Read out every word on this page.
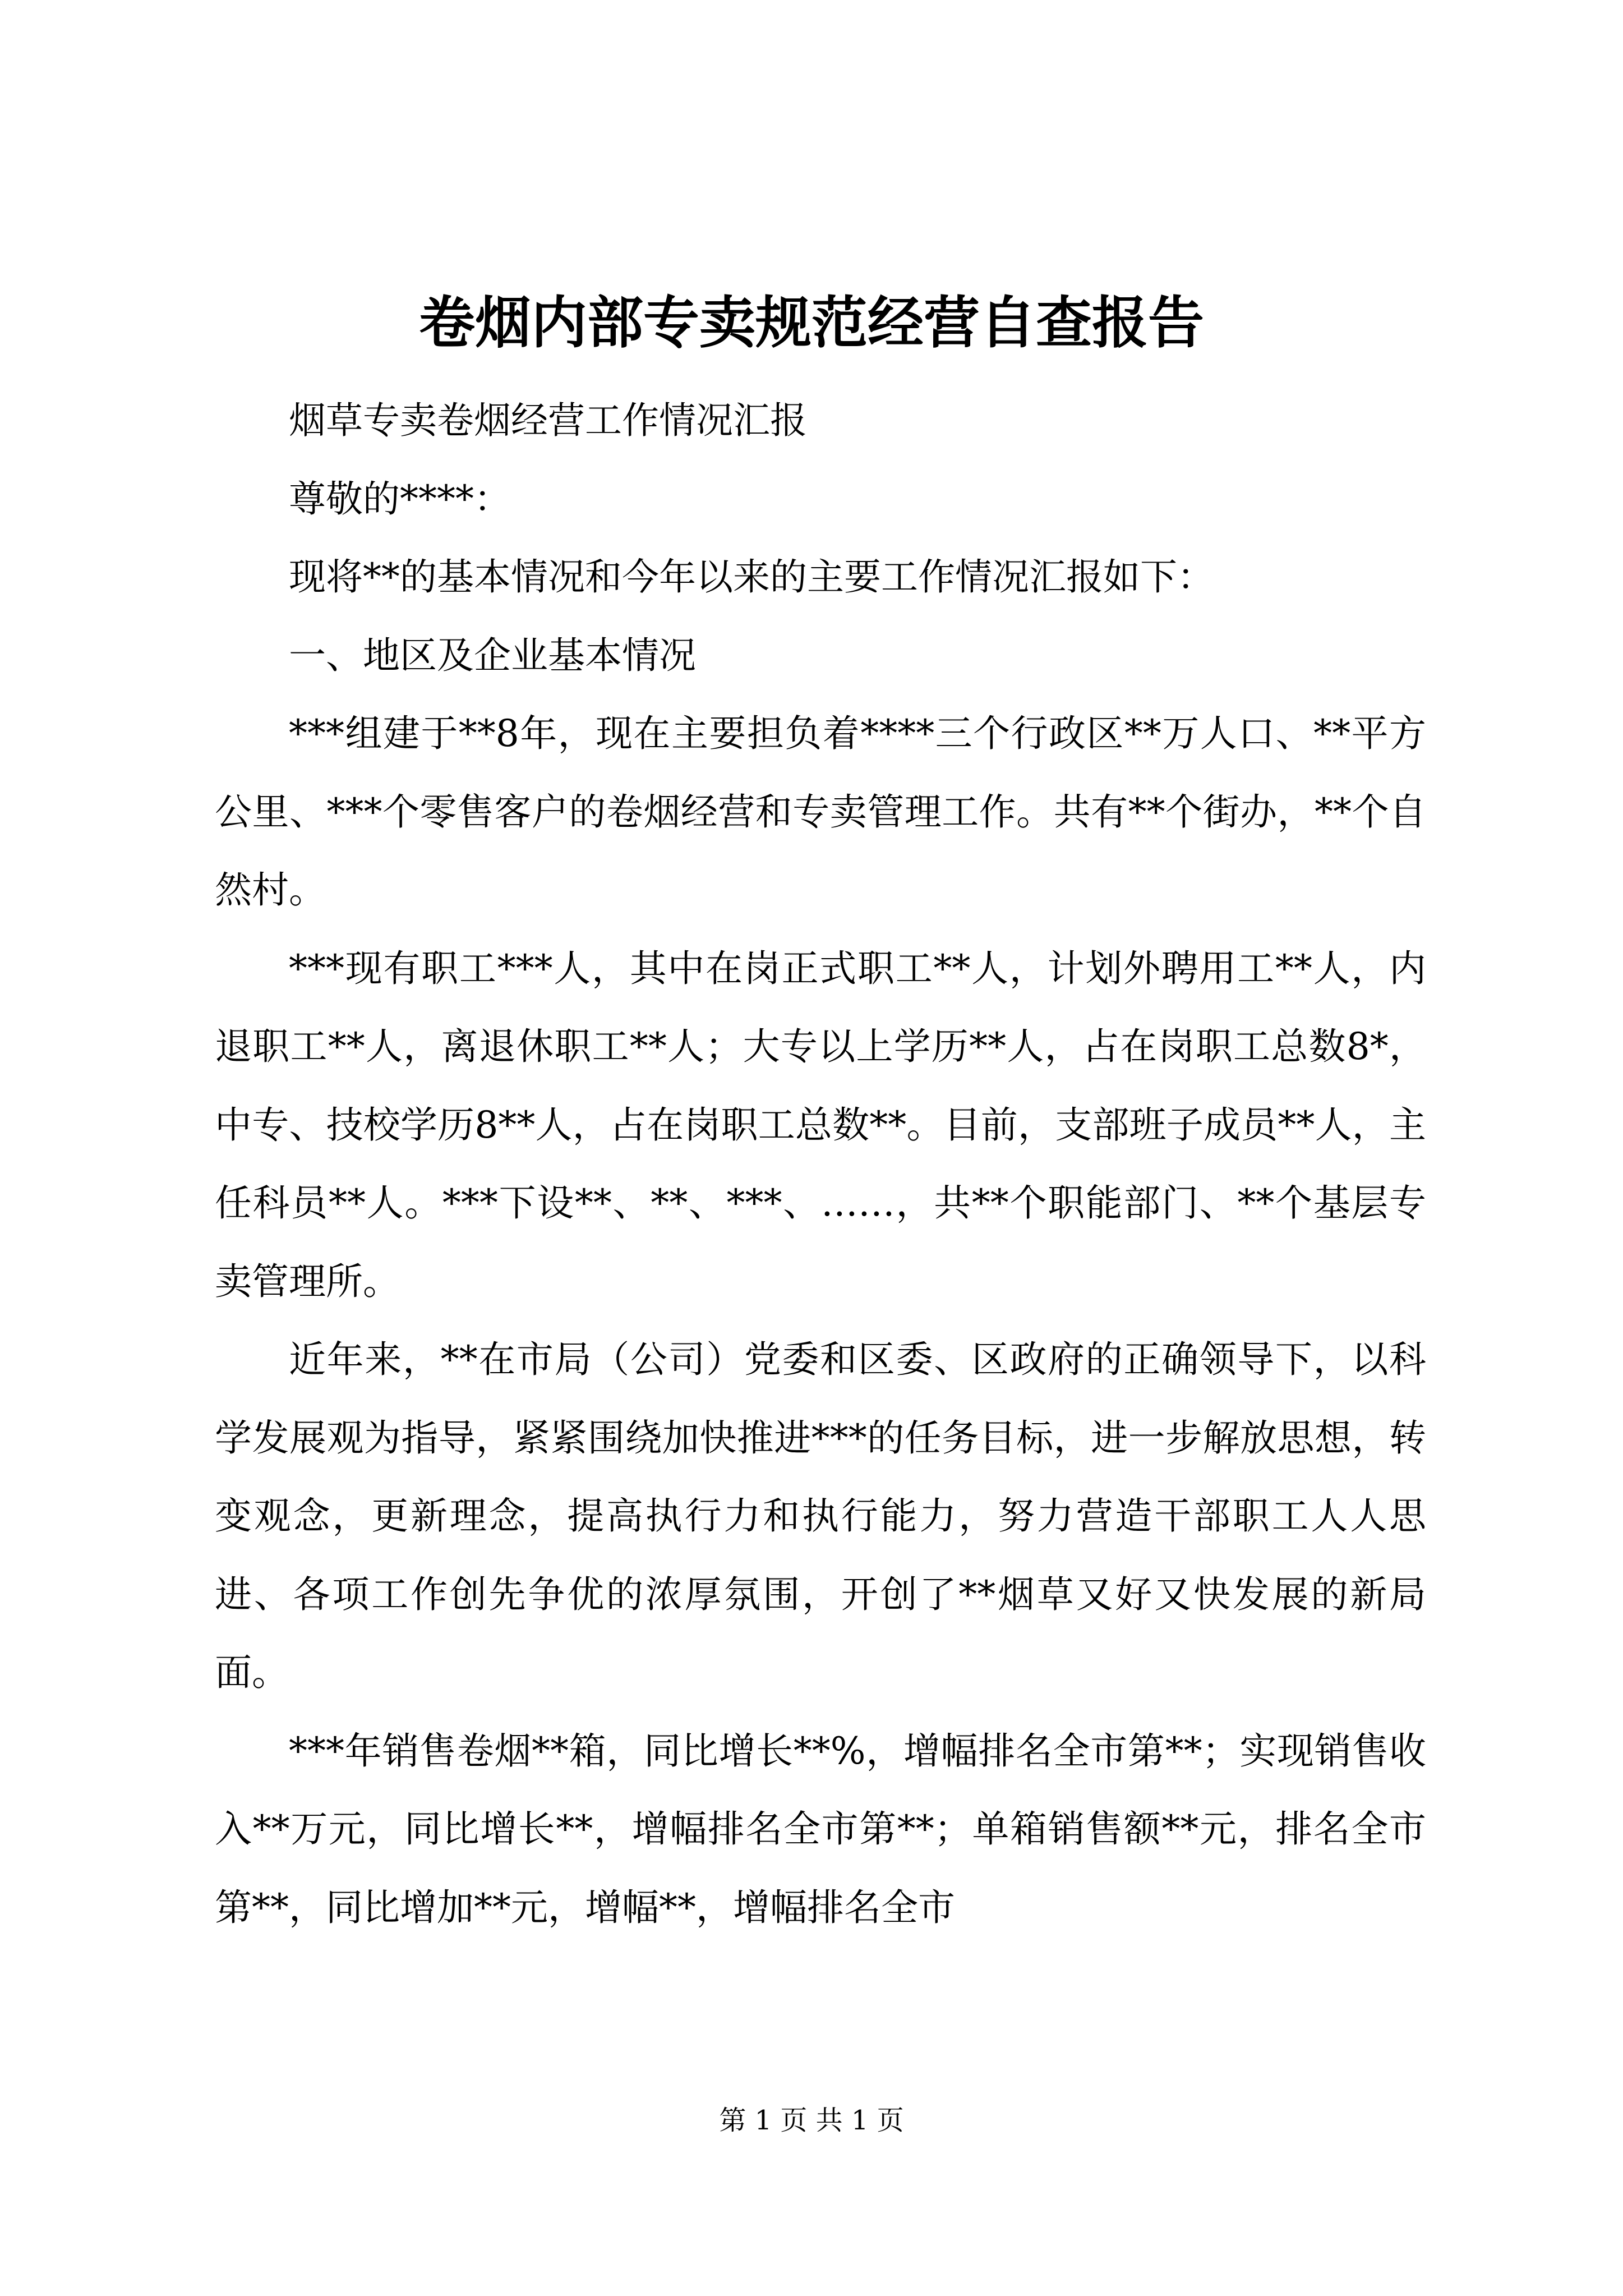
卷烟内部专卖规范经营自查报告

烟草专卖卷烟经营工作情况汇报

尊敬的****：

现将**的基本情况和今年以来的主要工作情况汇报如下：

一、地区及企业基本情况

***组建于**8年，现在主要担负着****三个行政区**万人口、**平方公里、***个零售客户的卷烟经营和专卖管理工作。共有**个街办，**个自然村。

***现有职工***人，其中在岗正式职工**人，计划外聘用工**人，内退职工**人，离退休职工**人；大专以上学历**人，占在岗职工总数8*，中专、技校学历8**人，占在岗职工总数**。目前，支部班子成员**人，主任科员**人。***下设**、**、***、……，共**个职能部门、**个基层专卖管理所。

近年来，**在市局（公司）党委和区委、区政府的正确领导下，以科学发展观为指导，紧紧围绕加快推进***的任务目标，进一步解放思想，转变观念，更新理念，提高执行力和执行能力，努力营造干部职工人人思进、各项工作创先争优的浓厚氛围，开创了**烟草又好又快发展的新局面。

***年销售卷烟**箱，同比增长**%，增幅排名全市第**；实现销售收入**万元，同比增长**，增幅排名全市第**；单箱销售额**元，排名全市第**，同比增加**元，增幅**，增幅排名全市

第 1 页 共 1 页
